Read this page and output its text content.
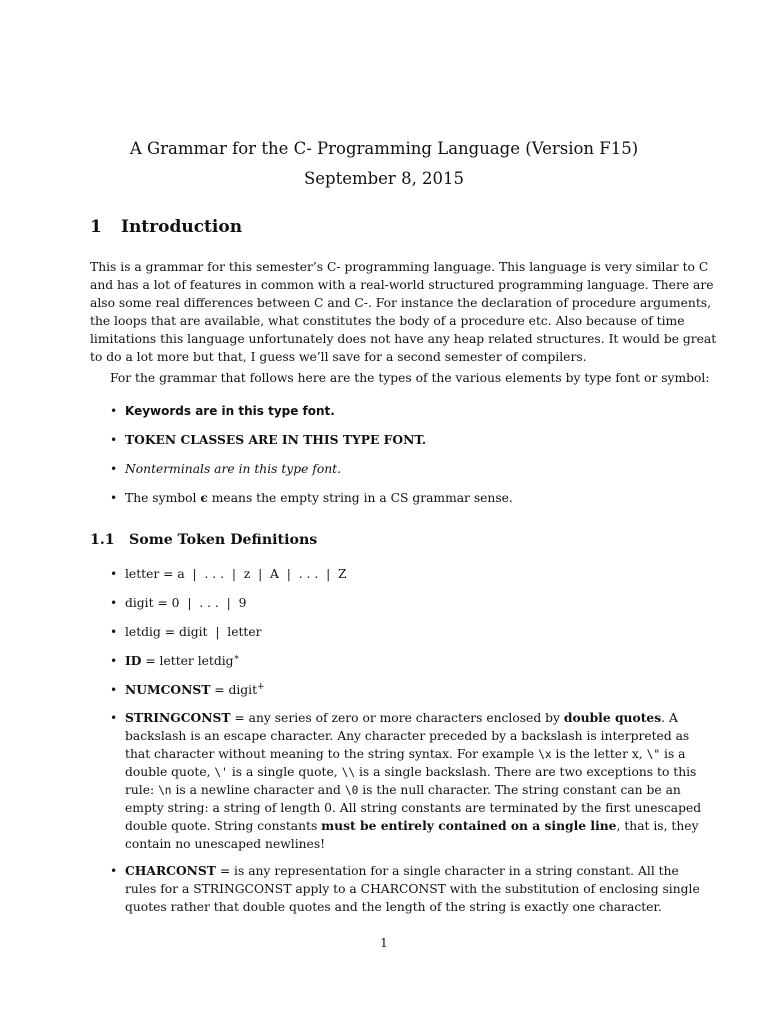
A Grammar for the C- Programming Language (Version F15)
September 8, 2015
1 Introduction
This is a grammar for this semester’s C- programming language. This language is very similar to C
and has a lot of features in common with a real-world structured programming language. There are
also some real differences between C and C-. For instance the declaration of procedure arguments,
the loops that are available, what constitutes the body of a procedure etc. Also because of time
limitations this language unfortunately does not have any heap related structures. It would be great
to do a lot more but that, I guess we’ll save for a second semester of compilers.
For the grammar that follows here are the types of the various elements by type font or symbol:
• Keywords are in this type font.
• TOKEN CLASSES ARE IN THIS TYPE FONT.
• Nonterminals are in this type font.
• The symbol ϵ means the empty string in a CS grammar sense.
1.1 Some Token Definitions
• letter = a  |  . . .  |  z  |  A  |  . . .  |  Z
• digit = 0  |  . . .  |  9
• letdig = digit  |  letter
• ID = letter letdig∗
• NUMCONST = digit+
• STRINGCONST = any series of zero or more characters enclosed by double quotes. A
backslash is an escape character. Any character preceded by a backslash is interpreted as
that character without meaning to the string syntax. For example \x is the letter x, \" is a
double quote, \' is a single quote, \\ is a single backslash. There are two exceptions to this
rule: \n is a newline character and \0 is the null character. The string constant can be an
empty string: a string of length 0. All string constants are terminated by the first unescaped
double quote. String constants must be entirely contained on a single line, that is, they
contain no unescaped newlines!
• CHARCONST = is any representation for a single character in a string constant. All the
rules for a STRINGCONST apply to a CHARCONST with the substitution of enclosing single
quotes rather that double quotes and the length of the string is exactly one character.
1
